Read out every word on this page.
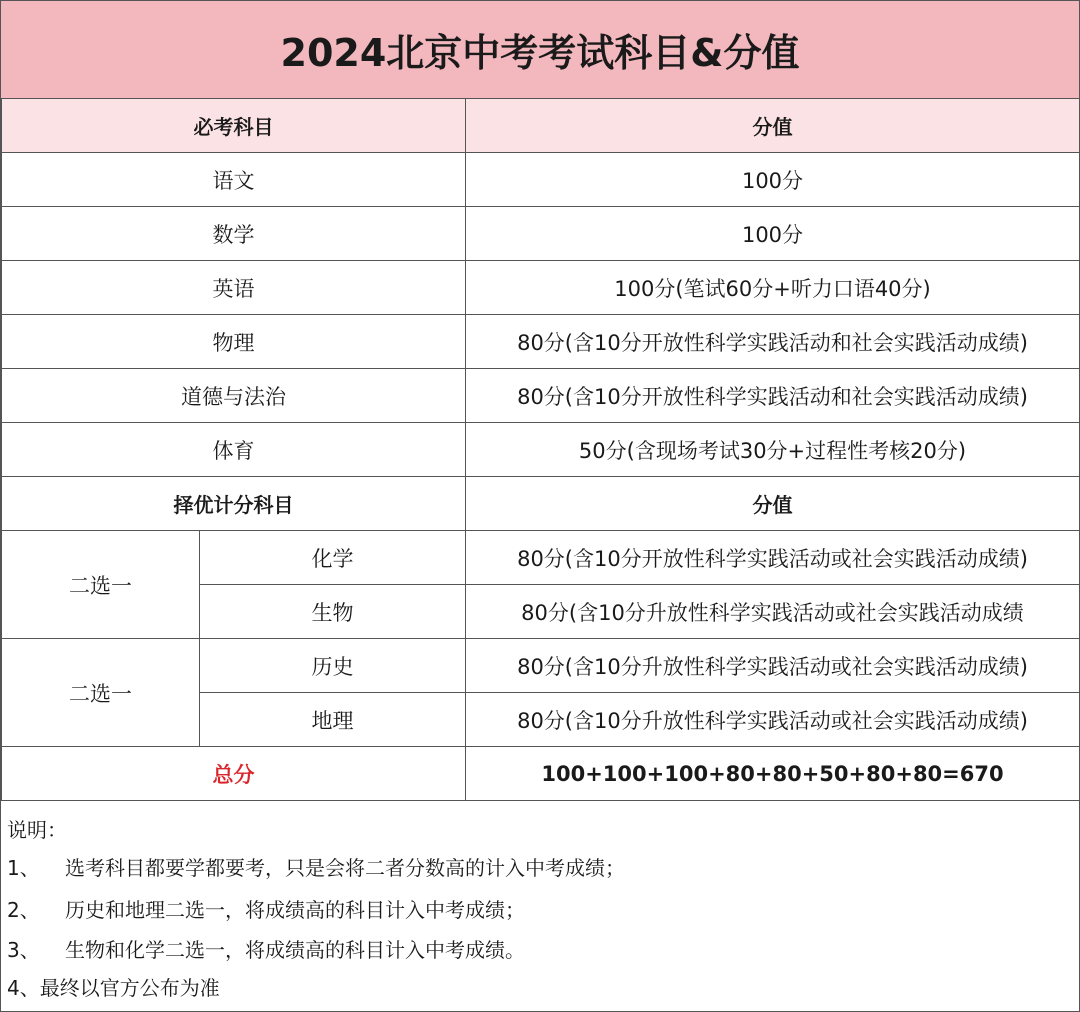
2024北京中考考试科目&分值
必考科目		分值
语文		100分
数学		100分
英语		100分(笔试60分+听力口语40分)
物理		80分(含10分开放性科学实践活动和社会实践活动成绩)
道德与法治		80分(含10分开放性科学实践活动和社会实践活动成绩)
体育		50分(含现场考试30分+过程性考核20分)
择优计分科目		分值
二选一	化学	80分(含10分开放性科学实践活动或社会实践活动成绩)
	生物	80分(含10分升放性科学实践活动或社会实践活动成绩
二选一	历史	80分(含10分升放性科学实践活动或社会实践活动成绩)
	地理	80分(含10分升放性科学实践活动或社会实践活动成绩)
总分		100+100+100+80+80+50+80+80=670
说明：
1、 选考科目都要学都要考，只是会将二者分数高的计入中考成绩；
2、 历史和地理二选一，将成绩高的科目计入中考成绩；
3、 生物和化学二选一，将成绩高的科目计入中考成绩。
4、最终以官方公布为准
